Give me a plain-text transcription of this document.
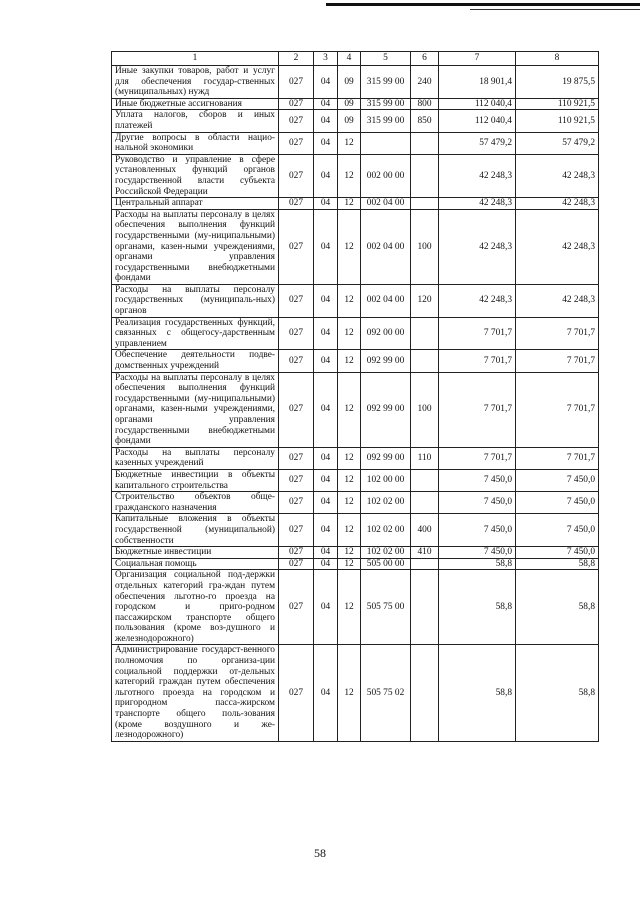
1	2	3	4	5	6	7	8
Иные закупки товаров, работ и услуг для обеспечения государ-ственных (муниципальных) нужд	027	04	09	315 99 00	240	18 901,4	19 875,5
Иные бюджетные ассигнования	027	04	09	315 99 00	800	112 040,4	110 921,5
Уплата налогов, сборов и иных платежей	027	04	09	315 99 00	850	112 040,4	110 921,5
Другие вопросы в области нацио-нальной экономики	027	04	12			57 479,2	57 479,2
Руководство и управление в сфере установленных функций органов государственной власти субъекта Российской Федерации	027	04	12	002 00 00		42 248,3	42 248,3
Центральный аппарат	027	04	12	002 04 00		42 248,3	42 248,3
Расходы на выплаты персоналу в целях обеспечения выполнения функций государственными (му-ниципальными) органами, казен-ными учреждениями, органами управления государственными внебюджетными фондами	027	04	12	002 04 00	100	42 248,3	42 248,3
Расходы на выплаты персоналу государственных (муниципаль-ных) органов	027	04	12	002 04 00	120	42 248,3	42 248,3
Реализация государственных функций, связанных с общегосу-дарственным управлением	027	04	12	092 00 00		7 701,7	7 701,7
Обеспечение деятельности подве-домственных учреждений	027	04	12	092 99 00		7 701,7	7 701,7
Расходы на выплаты персоналу в целях обеспечения выполнения функций государственными (му-ниципальными) органами, казен-ными учреждениями, органами управления государственными внебюджетными фондами	027	04	12	092 99 00	100	7 701,7	7 701,7
Расходы на выплаты персоналу казенных учреждений	027	04	12	092 99 00	110	7 701,7	7 701,7
Бюджетные инвестиции в объекты капитального строительства	027	04	12	102 00 00		7 450,0	7 450,0
Строительство объектов обще-гражданского назначения	027	04	12	102 02 00		7 450,0	7 450,0
Капитальные вложения в объекты государственной (муниципальной) собственности	027	04	12	102 02 00	400	7 450,0	7 450,0
Бюджетные инвестиции	027	04	12	102 02 00	410	7 450,0	7 450,0
Социальная помощь	027	04	12	505 00 00		58,8	58,8
Организация социальной под-держки отдельных категорий гра-ждан путем обеспечения льготно-го проезда на городском и приго-родном пассажирском транспорте общего пользования (кроме воз-душного и железнодорожного)	027	04	12	505 75 00		58,8	58,8
Администрирование государст-венного полномочия по организа-ции социальной поддержки от-дельных категорий граждан путем обеспечения льготного проезда на городском и пригородном пасса-жирском транспорте общего поль-зования (кроме воздушного и же-лезнодорожного)	027	04	12	505 75 02		58,8	58,8
58
